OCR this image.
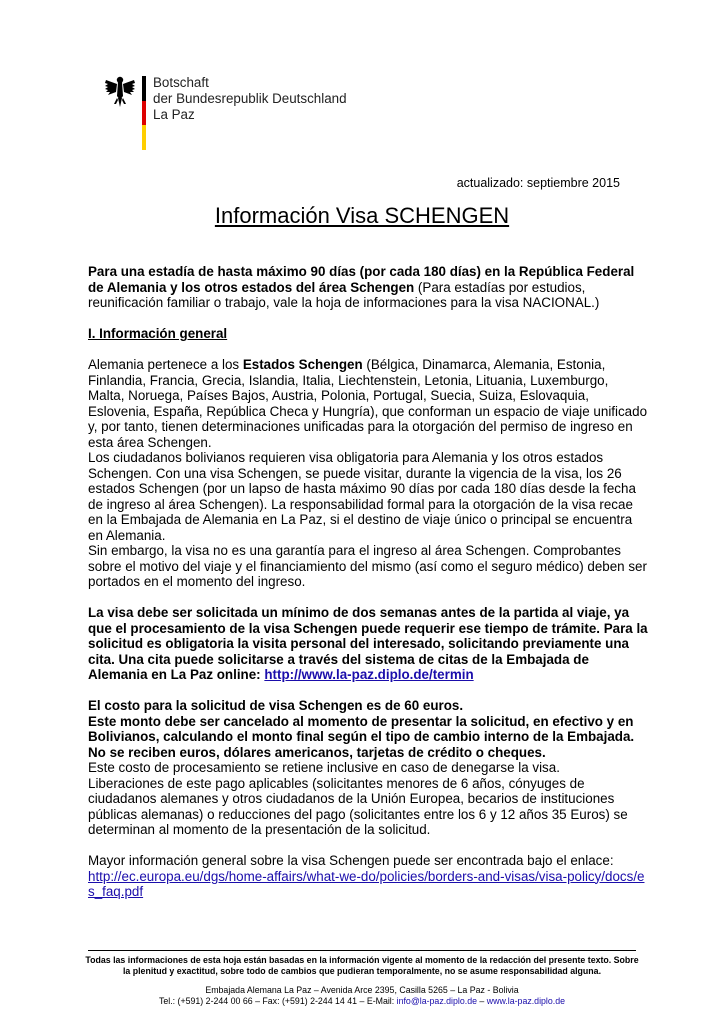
Botschaft
der Bundesrepublik Deutschland
La Paz
actualizado: septiembre 2015
Información Visa SCHENGEN

Para una estadía de hasta máximo 90 días (por cada 180 días) en la República Federal de Alemania y los otros estados del área Schengen (Para estadías por estudios, reunificación familiar o trabajo, vale la hoja de informaciones para la visa NACIONAL.)

I. Información general

Alemania pertenece a los Estados Schengen (Bélgica, Dinamarca, Alemania, Estonia, Finlandia, Francia, Grecia, Islandia, Italia, Liechtenstein, Letonia, Lituania, Luxemburgo, Malta, Noruega, Países Bajos, Austria, Polonia, Portugal, Suecia, Suiza, Eslovaquia, Eslovenia, España, República Checa y Hungría), que conforman un espacio de viaje unificado y, por tanto, tienen determinaciones unificadas para la otorgación del permiso de ingreso en esta área Schengen.

Los ciudadanos bolivianos requieren visa obligatoria para Alemania y los otros estados Schengen. Con una visa Schengen, se puede visitar, durante la vigencia de la visa, los 26 estados Schengen (por un lapso de hasta máximo 90 días por cada 180 días desde la fecha de ingreso al área Schengen). La responsabilidad formal para la otorgación de la visa recae en la Embajada de Alemania en La Paz, si el destino de viaje único o principal se encuentra en Alemania.

Sin embargo, la visa no es una garantía para el ingreso al área Schengen. Comprobantes sobre el motivo del viaje y el financiamiento del mismo (así como el seguro médico) deben ser portados en el momento del ingreso.

La visa debe ser solicitada un mínimo de dos semanas antes de la partida al viaje, ya que el procesamiento de la visa Schengen puede requerir ese tiempo de trámite. Para la solicitud es obligatoria la visita personal del interesado, solicitando previamente una cita. Una cita puede solicitarse a través del sistema de citas de la Embajada de Alemania en La Paz online: http://www.la-paz.diplo.de/termin

El costo para la solicitud de visa Schengen es de 60 euros.

Este monto debe ser cancelado al momento de presentar la solicitud, en efectivo y en Bolivianos, calculando el monto final según el tipo de cambio interno de la Embajada. No se reciben euros, dólares americanos, tarjetas de crédito o cheques.

Este costo de procesamiento se retiene inclusive en caso de denegarse la visa.

Liberaciones de este pago aplicables (solicitantes menores de 6 años, cónyuges de ciudadanos alemanes y otros ciudadanos de la Unión Europea, becarios de instituciones públicas alemanas) o reducciones del pago (solicitantes entre los 6 y 12 años 35 Euros) se determinan al momento de la presentación de la solicitud.

Mayor información general sobre la visa Schengen puede ser encontrada bajo el enlace:

http://ec.europa.eu/dgs/home-affairs/what-we-do/policies/borders-and-visas/visa-policy/docs/es_faq.pdf

Todas las informaciones de esta hoja están basadas en la información vigente al momento de la redacción del presente texto. Sobre la plenitud y exactitud, sobre todo de cambios que pudieran temporalmente, no se asume responsabilidad alguna.
Embajada Alemana La Paz – Avenida Arce 2395, Casilla 5265 – La Paz - Bolivia
Tel.: (+591) 2-244 00 66 – Fax: (+591) 2-244 14 41 – E-Mail: info@la-paz.diplo.de – www.la-paz.diplo.de
